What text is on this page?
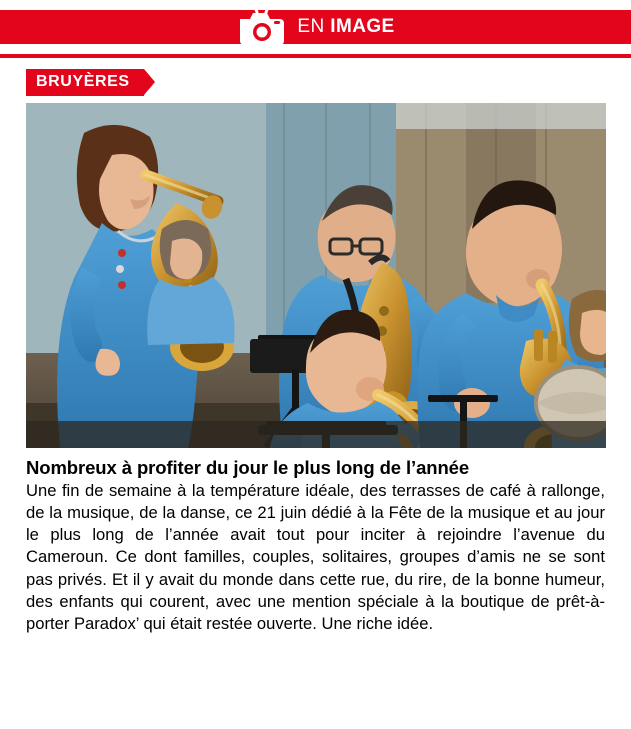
EN IMAGE
BRUYÈRES
Nombreux à profiter du jour le plus long de l’année

Une fin de semaine à la température idéale, des terrasses de café à rallonge, de la musique, de la danse, ce 21 juin dédié à la Fête de la musique et au jour le plus long de l’année avait tout pour inciter à rejoindre l’avenue du Cameroun. Ce dont familles, couples, solitaires, groupes d’amis ne se sont pas privés. Et il y avait du monde dans cette rue, du rire, de la bonne humeur, des enfants qui courent, avec une mention spéciale à la boutique de prêt-à-porter Paradox’ qui était restée ouverte. Une riche idée.
